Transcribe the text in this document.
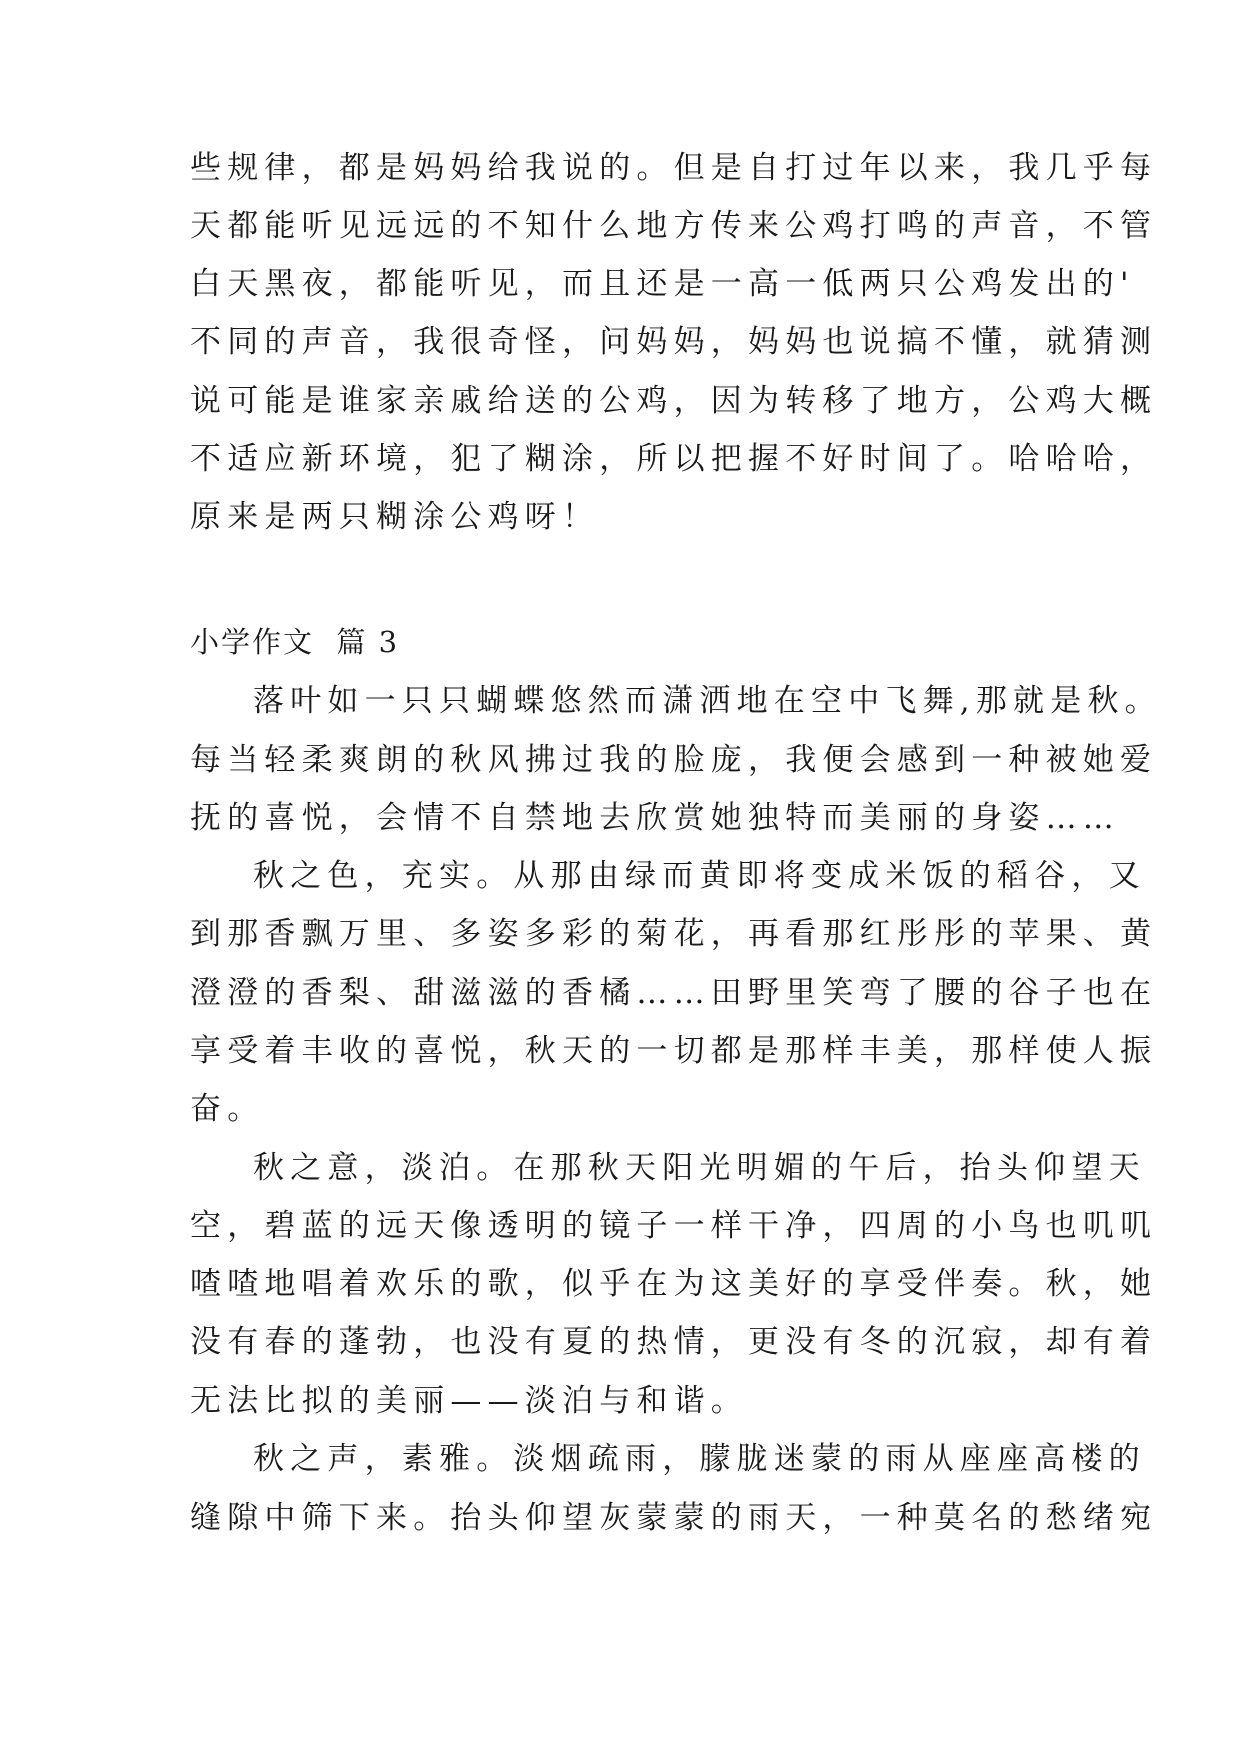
些规律，都是妈妈给我说的。但是自打过年以来，我几乎每
天都能听见远远的不知什么地方传来公鸡打鸣的声音，不管
白天黑夜，都能听见，而且还是一高一低两只公鸡发出的'
不同的声音，我很奇怪，问妈妈，妈妈也说搞不懂，就猜测
说可能是谁家亲戚给送的公鸡，因为转移了地方，公鸡大概
不适应新环境，犯了糊涂，所以把握不好时间了。哈哈哈，
原来是两只糊涂公鸡呀！
小学作文  篇 3
落叶如一只只蝴蝶悠然而潇洒地在空中飞舞,那就是秋。
每当轻柔爽朗的秋风拂过我的脸庞，我便会感到一种被她爱
抚的喜悦，会情不自禁地去欣赏她独特而美丽的身姿……
秋之色，充实。从那由绿而黄即将变成米饭的稻谷，又
到那香飘万里、多姿多彩的菊花，再看那红彤彤的苹果、黄
澄澄的香梨、甜滋滋的香橘……田野里笑弯了腰的谷子也在
享受着丰收的喜悦，秋天的一切都是那样丰美，那样使人振
奋。
秋之意，淡泊。在那秋天阳光明媚的午后，抬头仰望天
空，碧蓝的远天像透明的镜子一样干净，四周的小鸟也叽叽
喳喳地唱着欢乐的歌，似乎在为这美好的享受伴奏。秋，她
没有春的蓬勃，也没有夏的热情，更没有冬的沉寂，却有着
无法比拟的美丽——淡泊与和谐。
秋之声，素雅。淡烟疏雨，朦胧迷蒙的雨从座座高楼的
缝隙中筛下来。抬头仰望灰蒙蒙的雨天，一种莫名的愁绪宛
